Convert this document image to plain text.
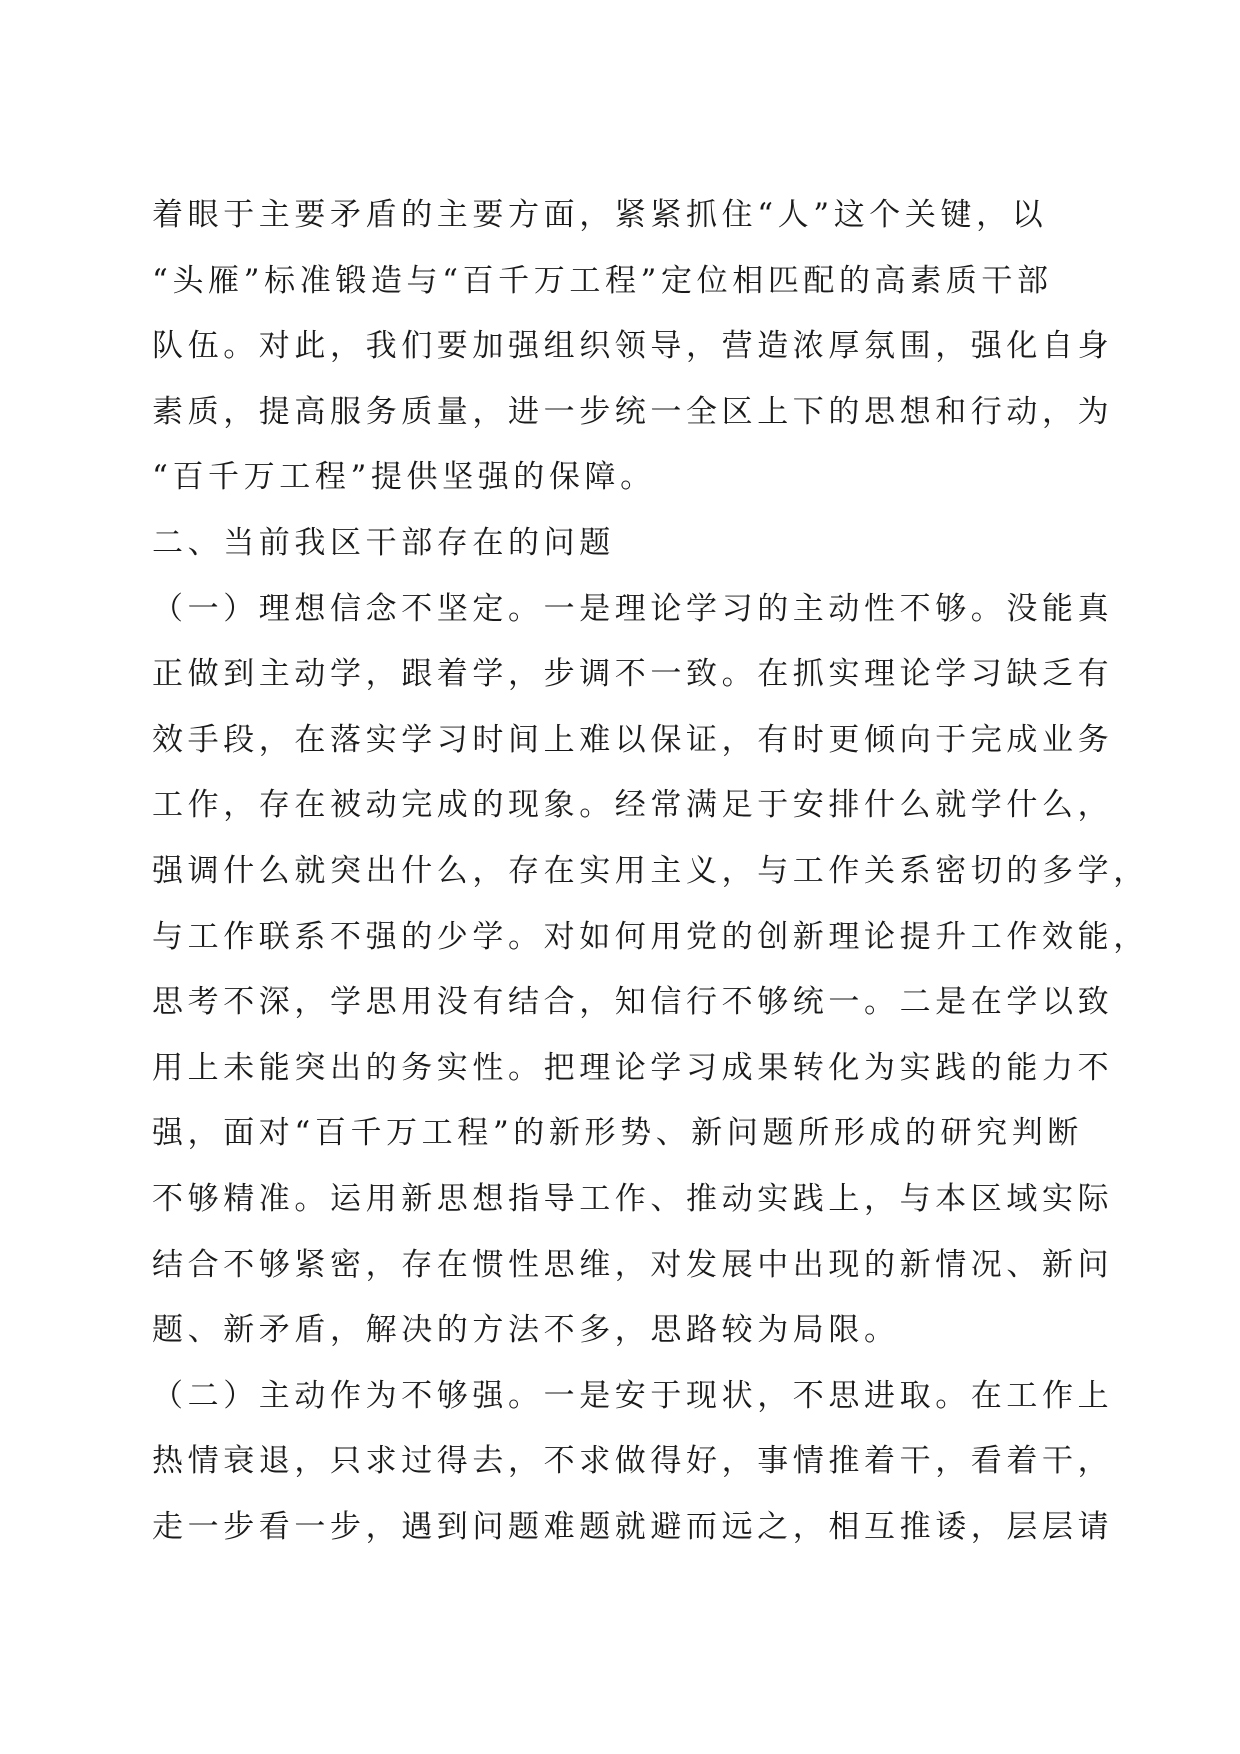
着眼于主要矛盾的主要方面，紧紧抓住“人”这个关键，以
“头雁”标准锻造与“百千万工程”定位相匹配的高素质干部
队伍。对此，我们要加强组织领导，营造浓厚氛围，强化自身
素质，提高服务质量，进一步统一全区上下的思想和行动，为
“百千万工程”提供坚强的保障。
二、当前我区干部存在的问题
（一）理想信念不坚定。一是理论学习的主动性不够。没能真
正做到主动学，跟着学，步调不一致。在抓实理论学习缺乏有
效手段，在落实学习时间上难以保证，有时更倾向于完成业务
工作，存在被动完成的现象。经常满足于安排什么就学什么，
强调什么就突出什么，存在实用主义，与工作关系密切的多学，
与工作联系不强的少学。对如何用党的创新理论提升工作效能，
思考不深，学思用没有结合，知信行不够统一。二是在学以致
用上未能突出的务实性。把理论学习成果转化为实践的能力不
强，面对“百千万工程”的新形势、新问题所形成的研究判断
不够精准。运用新思想指导工作、推动实践上，与本区域实际
结合不够紧密，存在惯性思维，对发展中出现的新情况、新问
题、新矛盾，解决的方法不多，思路较为局限。
（二）主动作为不够强。一是安于现状，不思进取。在工作上
热情衰退，只求过得去，不求做得好，事情推着干，看着干，
走一步看一步，遇到问题难题就避而远之，相互推诿，层层请
